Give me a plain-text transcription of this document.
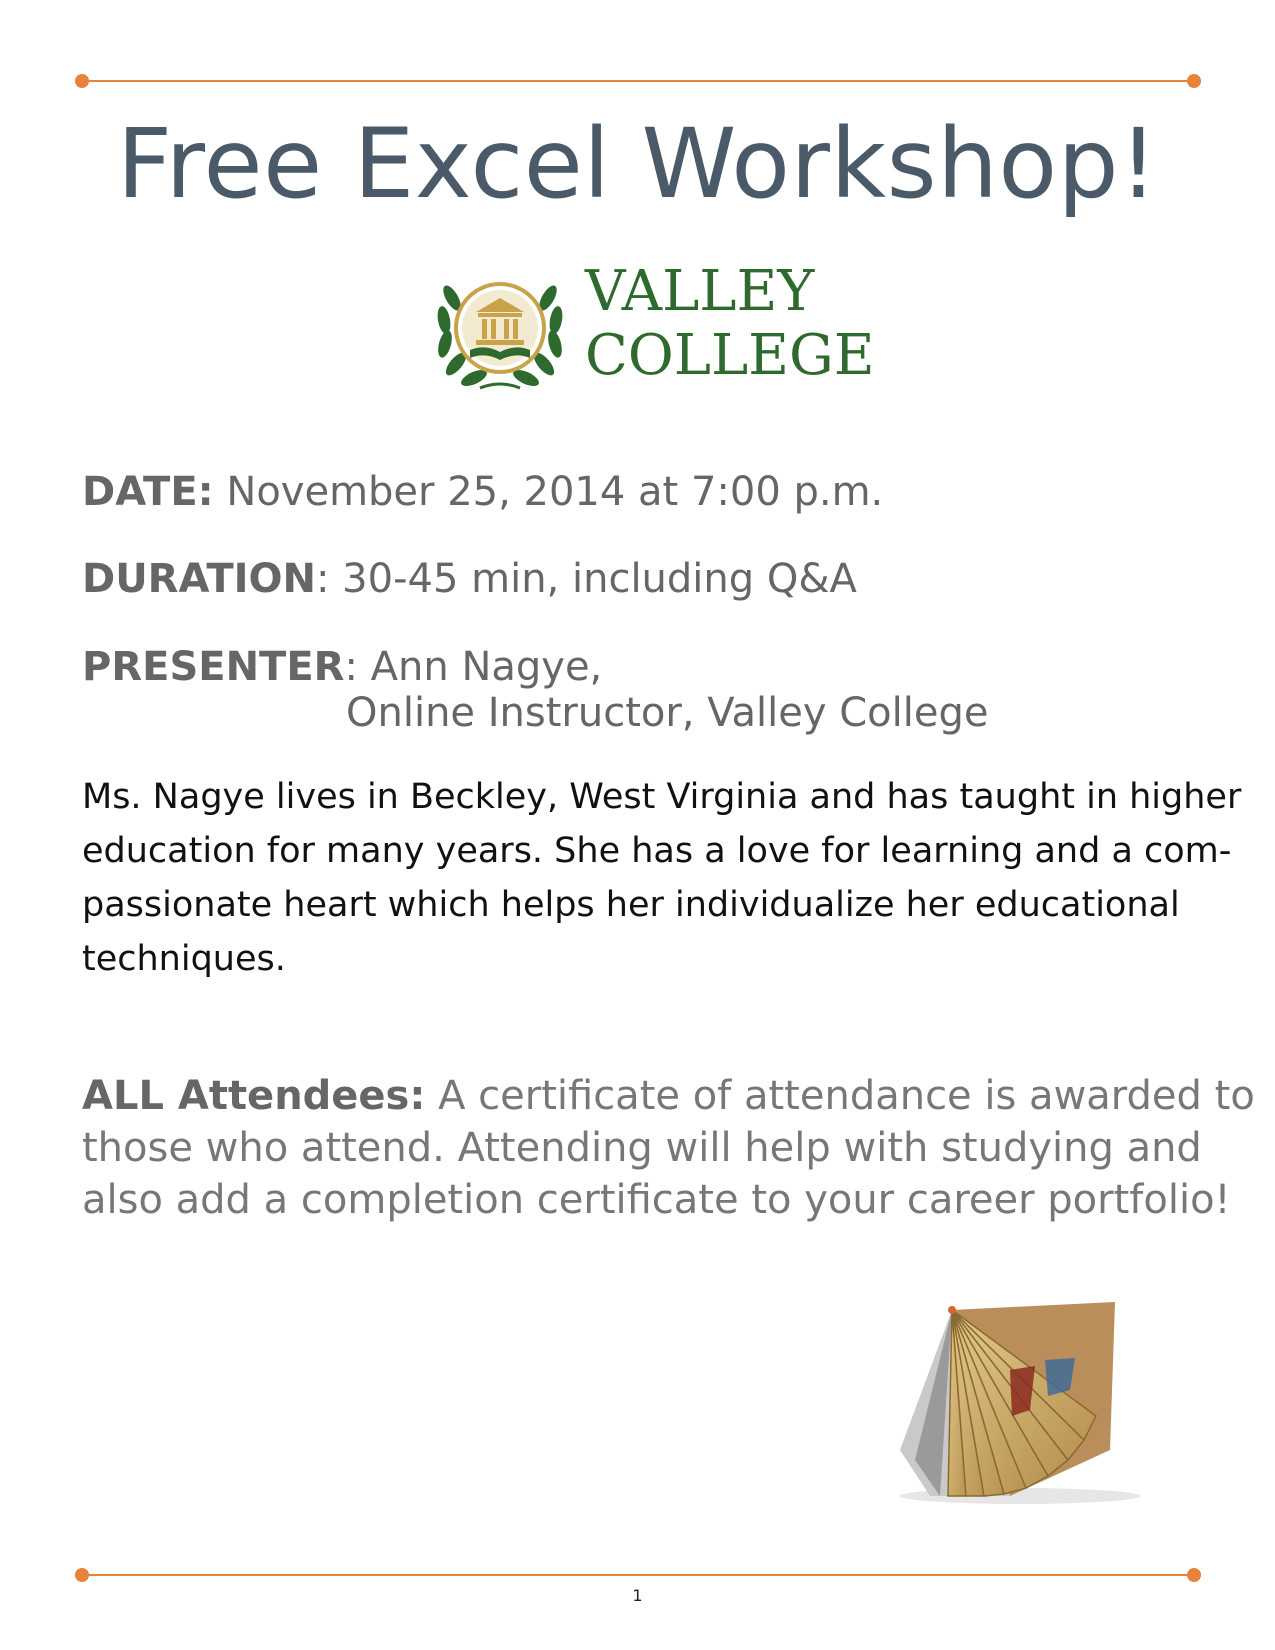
Free Excel Workshop!
VALLEY
COLLEGE
DATE: November 25, 2014 at 7:00 p.m.
DURATION: 30-45 min, including Q&A
PRESENTER: Ann Nagye,
Online Instructor, Valley College
Ms. Nagye lives in Beckley, West Virginia and has taught in higher
education for many years. She has a love for learning and a com-
passionate heart which helps her individualize her educational
techniques.
ALL Attendees: A certificate of attendance is awarded to
those who attend. Attending will help with studying and
also add a completion certificate to your career portfolio!
1
